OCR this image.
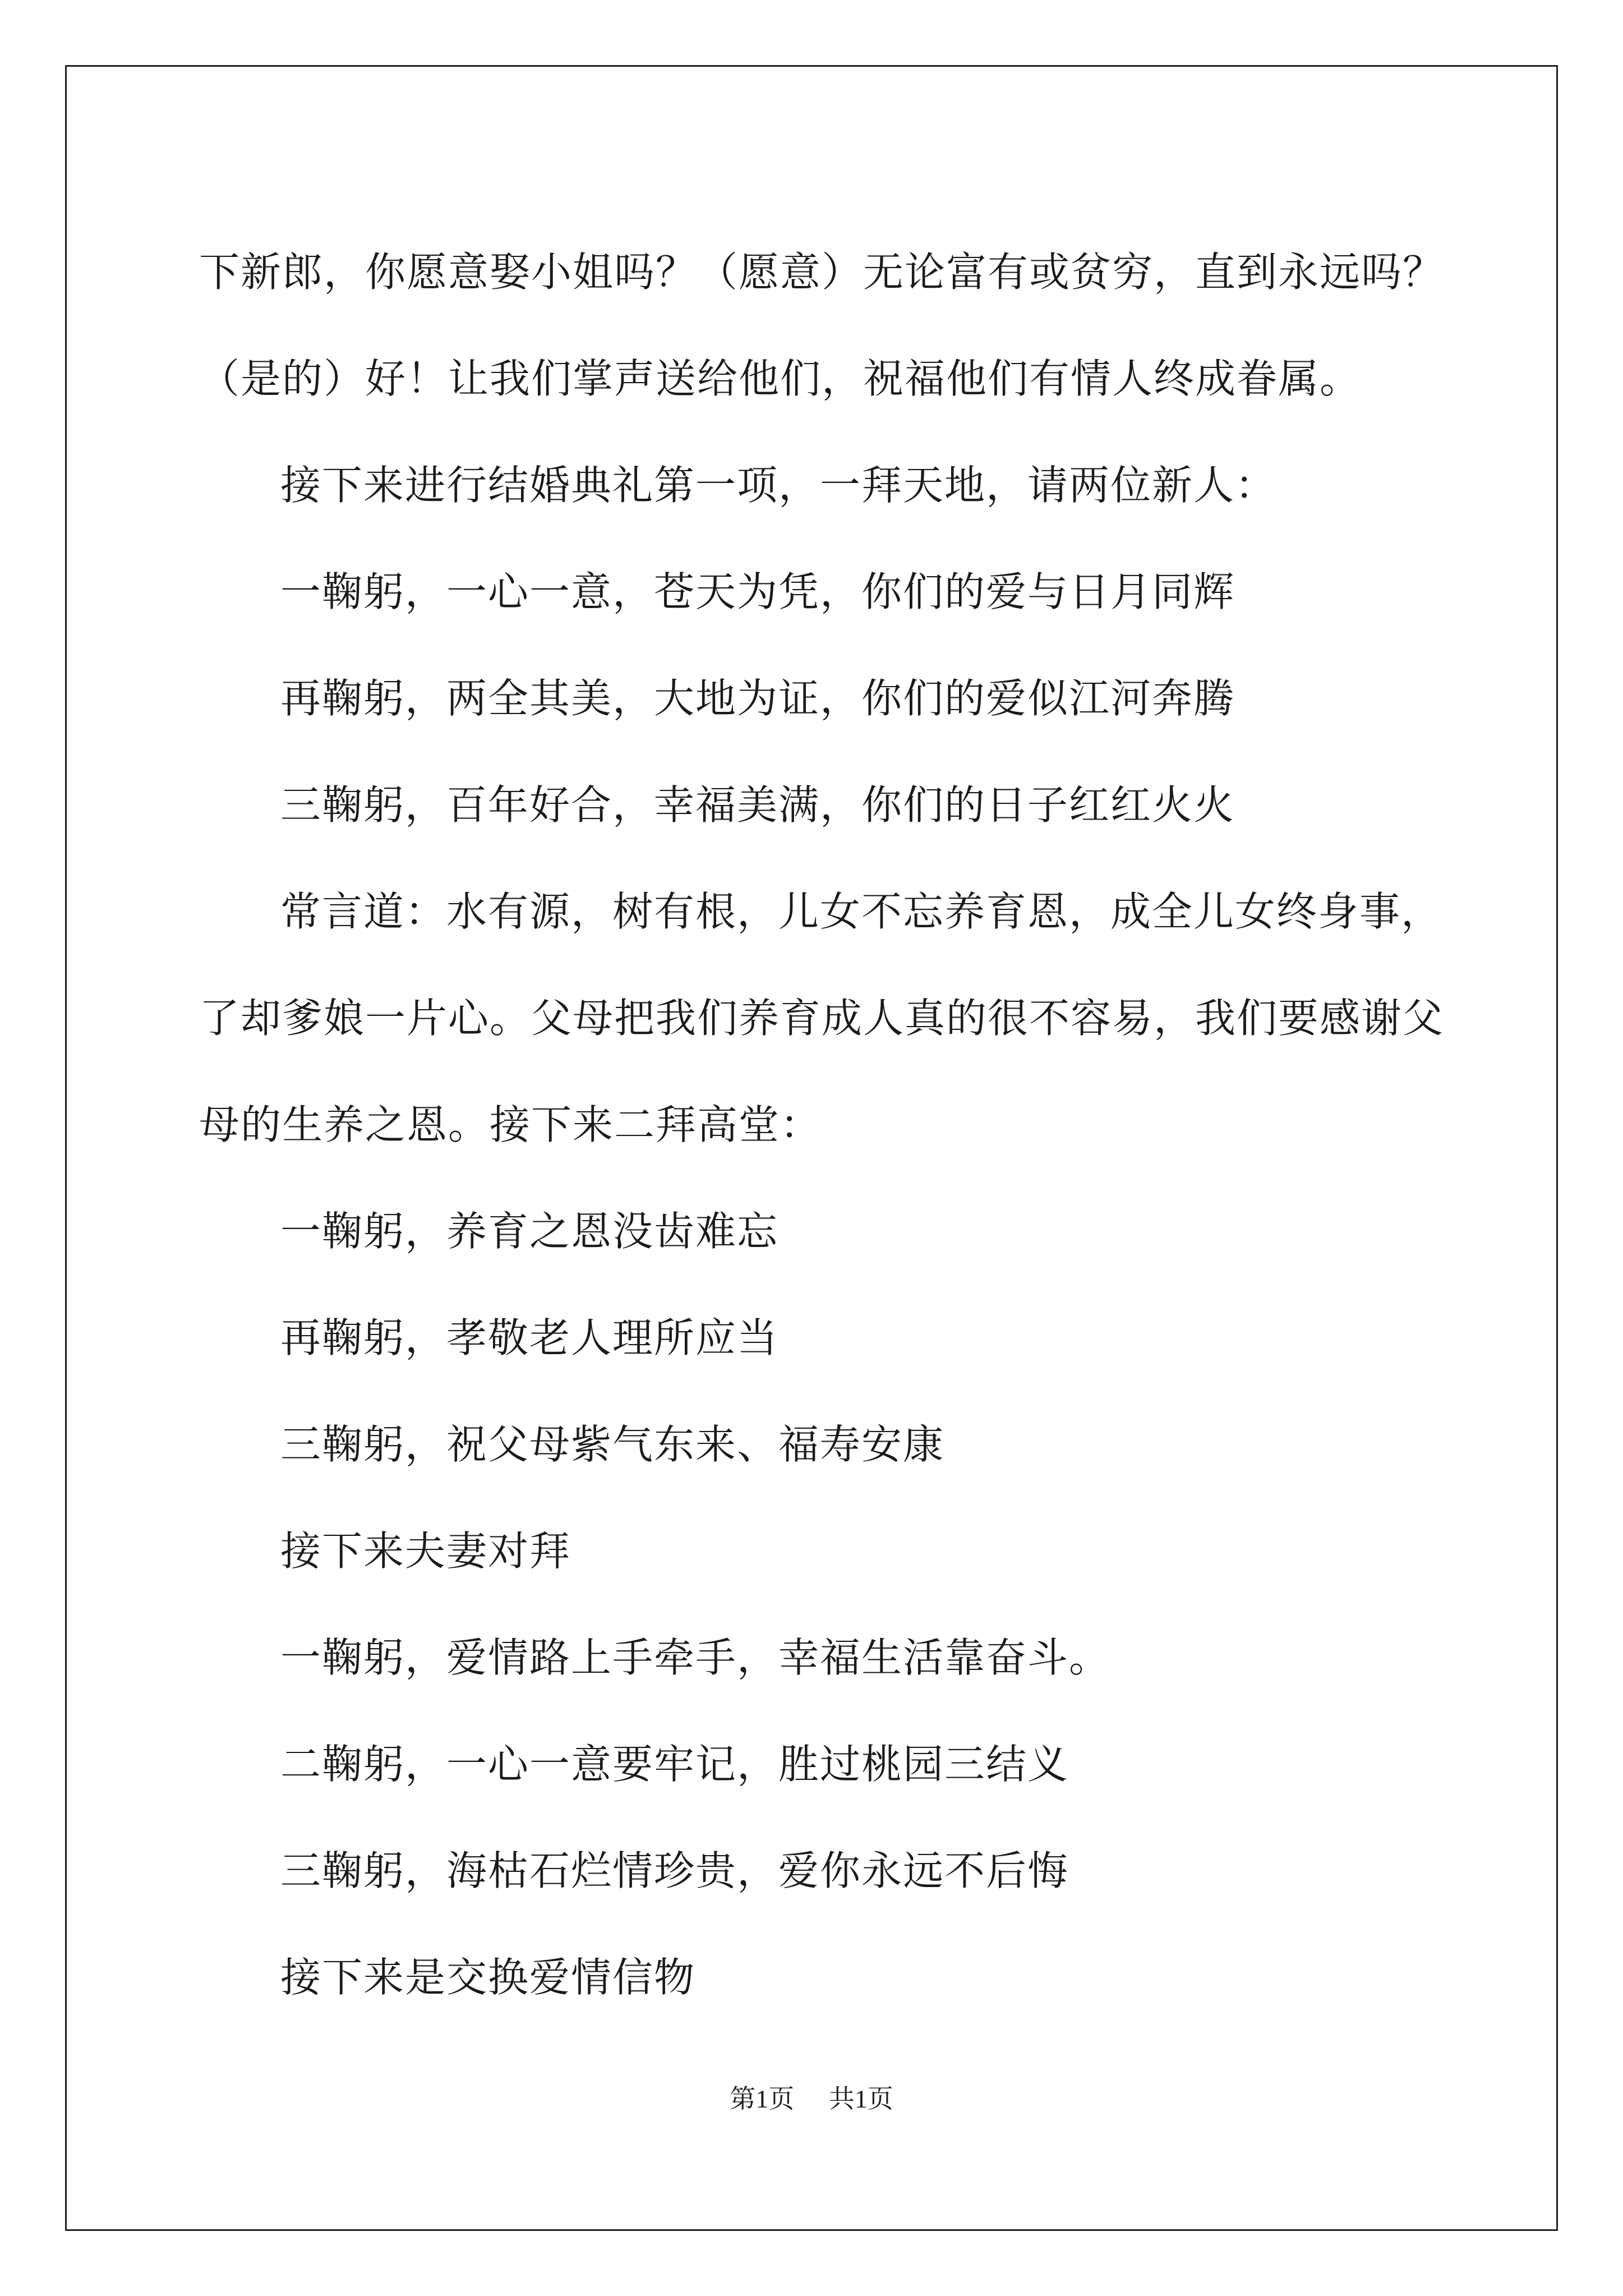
下新郎，你愿意娶小姐吗？（愿意）无论富有或贫穷，直到永远吗？

（是的）好！让我们掌声送给他们，祝福他们有情人终成眷属。

接下来进行结婚典礼第一项，一拜天地，请两位新人：

一鞠躬，一心一意，苍天为凭，你们的爱与日月同辉

再鞠躬，两全其美，大地为证，你们的爱似江河奔腾

三鞠躬，百年好合，幸福美满，你们的日子红红火火

常言道：水有源，树有根，儿女不忘养育恩，成全儿女终身事，

了却爹娘一片心。父母把我们养育成人真的很不容易，我们要感谢父

母的生养之恩。接下来二拜高堂：

一鞠躬，养育之恩没齿难忘

再鞠躬，孝敬老人理所应当

三鞠躬，祝父母紫气东来、福寿安康

接下来夫妻对拜

一鞠躬，爱情路上手牵手，幸福生活靠奋斗。

二鞠躬，一心一意要牢记，胜过桃园三结义

三鞠躬，海枯石烂情珍贵，爱你永远不后悔

接下来是交换爱情信物

第1页 共1页
